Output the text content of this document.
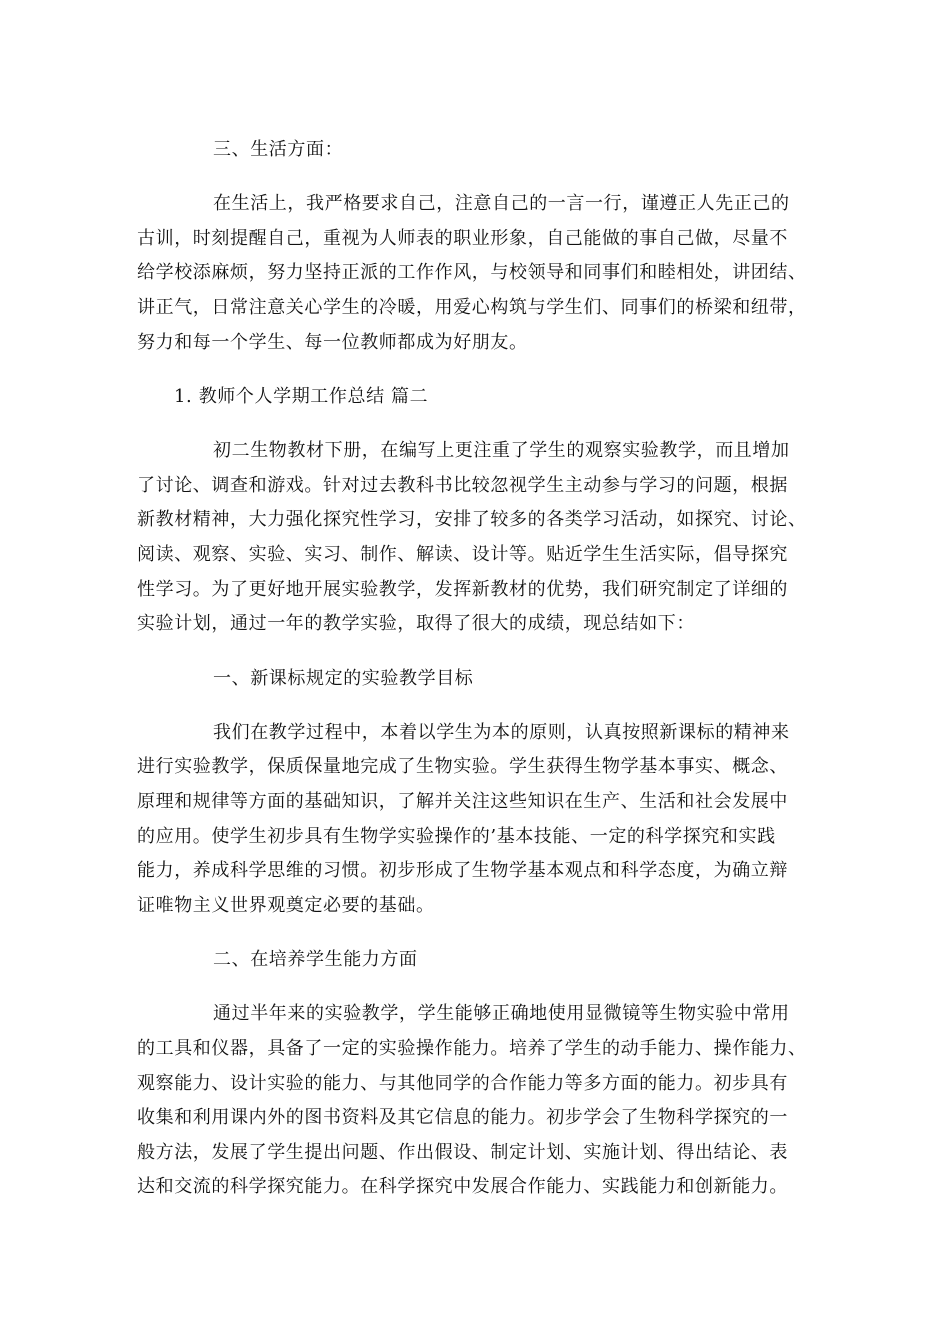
三、生活方面：
在生活上，我严格要求自己，注意自己的一言一行，谨遵正人先正己的
古训，时刻提醒自己，重视为人师表的职业形象，自己能做的事自己做，尽量不
给学校添麻烦，努力坚持正派的工作作风，与校领导和同事们和睦相处，讲团结、
讲正气，日常注意关心学生的冷暖，用爱心构筑与学生们、同事们的桥梁和纽带，
努力和每一个学生、每一位教师都成为好朋友。
1. 教师个人学期工作总结 篇二
初二生物教材下册，在编写上更注重了学生的观察实验教学，而且增加
了讨论、调查和游戏。针对过去教科书比较忽视学生主动参与学习的问题，根据
新教材精神，大力强化探究性学习，安排了较多的各类学习活动，如探究、讨论、
阅读、观察、实验、实习、制作、解读、设计等。贴近学生生活实际，倡导探究
性学习。为了更好地开展实验教学，发挥新教材的优势，我们研究制定了详细的
实验计划，通过一年的教学实验，取得了很大的成绩，现总结如下：
一、新课标规定的实验教学目标
我们在教学过程中，本着以学生为本的原则，认真按照新课标的精神来
进行实验教学，保质保量地完成了生物实验。学生获得生物学基本事实、概念、
原理和规律等方面的基础知识，了解并关注这些知识在生产、生活和社会发展中
的应用。使学生初步具有生物学实验操作的’基本技能、一定的科学探究和实践
能力，养成科学思维的习惯。初步形成了生物学基本观点和科学态度，为确立辩
证唯物主义世界观奠定必要的基础。
二、在培养学生能力方面
通过半年来的实验教学，学生能够正确地使用显微镜等生物实验中常用
的工具和仪器，具备了一定的实验操作能力。培养了学生的动手能力、操作能力、
观察能力、设计实验的能力、与其他同学的合作能力等多方面的能力。初步具有
收集和利用课内外的图书资料及其它信息的能力。初步学会了生物科学探究的一
般方法，发展了学生提出问题、作出假设、制定计划、实施计划、得出结论、表
达和交流的科学探究能力。在科学探究中发展合作能力、实践能力和创新能力。
